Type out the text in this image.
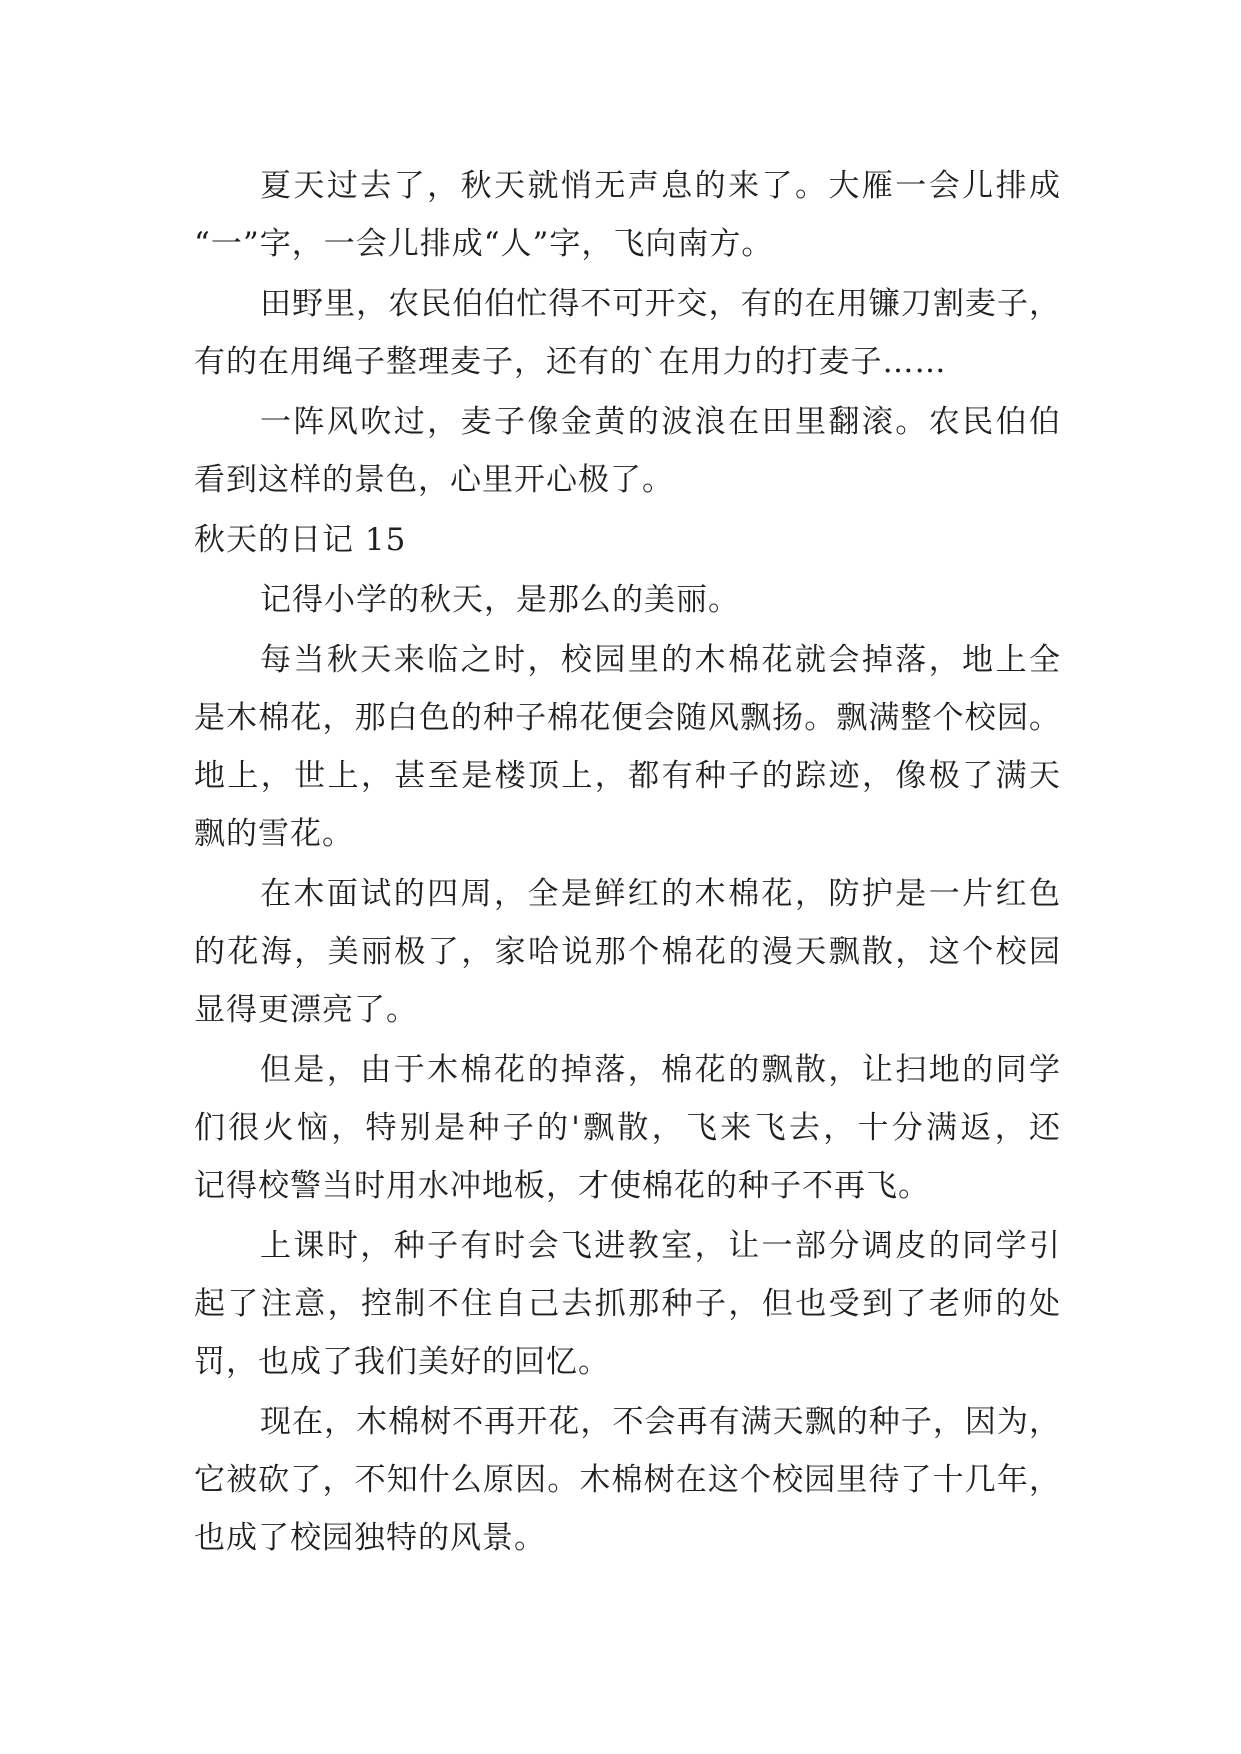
夏天过去了，秋天就悄无声息的来了。大雁一会儿排成
“一”字，一会儿排成“人”字，飞向南方。
田野里，农民伯伯忙得不可开交，有的在用镰刀割麦子，
有的在用绳子整理麦子，还有的`在用力的打麦子……
一阵风吹过，麦子像金黄的波浪在田里翻滚。农民伯伯
看到这样的景色，心里开心极了。
秋天的日记 15
记得小学的秋天，是那么的美丽。
每当秋天来临之时，校园里的木棉花就会掉落，地上全
是木棉花，那白色的种子棉花便会随风飘扬。飘满整个校园。
地上，世上，甚至是楼顶上，都有种子的踪迹，像极了满天
飘的雪花。
在木面试的四周，全是鲜红的木棉花，防护是一片红色
的花海，美丽极了，家哈说那个棉花的漫天飘散，这个校园
显得更漂亮了。
但是，由于木棉花的掉落，棉花的飘散，让扫地的同学
们很火恼，特别是种子的'飘散，飞来飞去，十分满返，还
记得校警当时用水冲地板，才使棉花的种子不再飞。
上课时，种子有时会飞进教室，让一部分调皮的同学引
起了注意，控制不住自己去抓那种子，但也受到了老师的处
罚，也成了我们美好的回忆。
现在，木棉树不再开花，不会再有满天飘的种子，因为，
它被砍了，不知什么原因。木棉树在这个校园里待了十几年，
也成了校园独特的风景。
